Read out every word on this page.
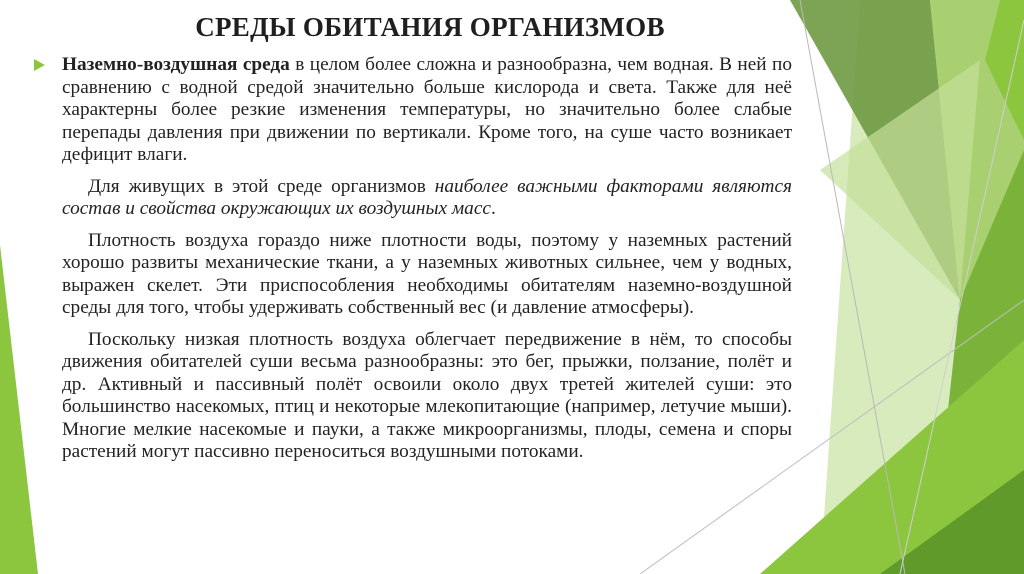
СРЕДЫ ОБИТАНИЯ ОРГАНИЗМОВ

Наземно-воздушная среда в целом более сложна и разнообразна, чем водная. В ней по сравнению с водной средой значительно больше кислорода и света. Также для неё характерны более резкие изменения температуры, но значительно более слабые перепады давления при движении по вертикали. Кроме того, на суше часто возникает дефицит влаги.

Для живущих в этой среде организмов наиболее важными факторами являются состав и свойства окружающих их воздушных масс.

Плотность воздуха гораздо ниже плотности воды, поэтому у наземных растений хорошо развиты механические ткани, а у наземных животных сильнее, чем у водных, выражен скелет. Эти приспособления необходимы обитателям наземно-воздушной среды для того, чтобы удерживать собственный вес (и давление атмосферы).

Поскольку низкая плотность воздуха облегчает передвижение в нём, то способы движения обитателей суши весьма разнообразны: это бег, прыжки, ползание, полёт и др. Активный и пассивный полёт освоили около двух третей жителей суши: это большинство насекомых, птиц и некоторые млекопитающие (например, летучие мыши). Многие мелкие насекомые и пауки, а также микроорганизмы, плоды, семена и споры растений могут пассивно переноситься воздушными потоками.
